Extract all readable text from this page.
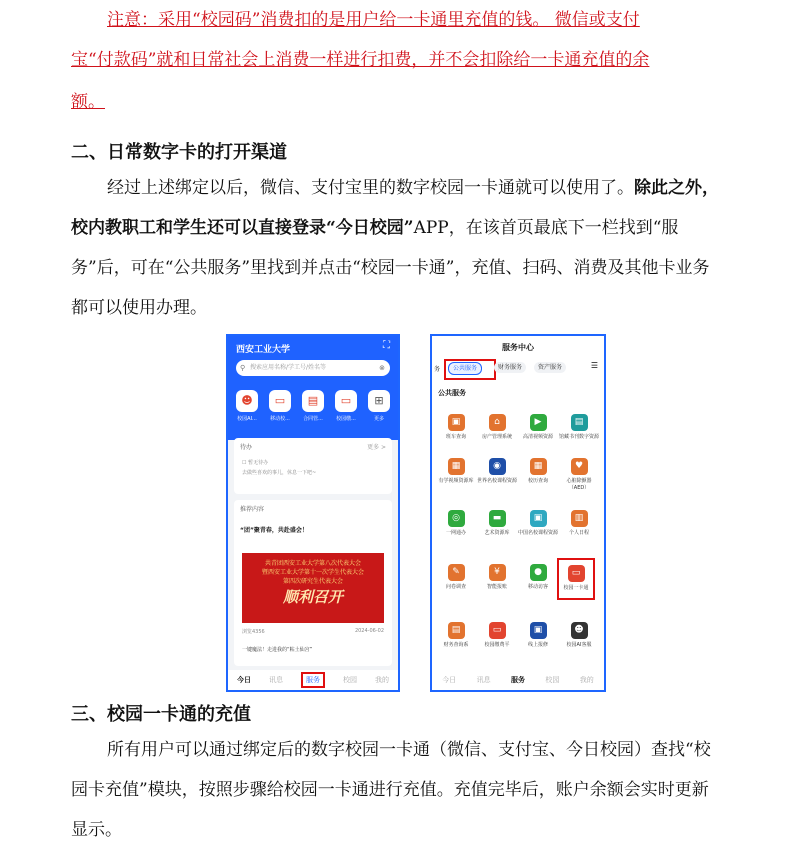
注意：采用“校园码”消费扣的是用户给一卡通里充值的钱。 微信或支付

宝“付款码”就和日常社会上消费一样进行扣费，并不会扣除给一卡通充值的余

额。

二、日常数字卡的打开渠道

经过上述绑定以后，微信、支付宝里的数字校园一卡通就可以使用了。除此之外，校内教职工和学生还可以直接登录“今日校园”APP，在该首页最底下一栏找到“服务”后，可在“公共服务”里找到并点击“校园一卡通”，充值、扫码、消费及其他卡业务都可以使用办理。

西安工业大学	⛶
⚲ 搜索应用名称/学工号/姓名等	⊗
☻
校园AI...
▭
移动校...
▤
合同管...
▭
校园缴...
⊞
更多
待办	更多 >
☐ 暂无待办
去做些喜欢的事儿，休息一下吧~
推荐内容
“团”聚青春，共赴盛会！
共青团西安工业大学第八次代表大会
暨西安工业大学第十一次学生代表大会
第四次研究生代表大会
顺利召开
浏览4356	2024-06-02
一键魔法！走进我的“粘土仙宫”
今日	讯息	服务	校园	我的
服务中心
务	公共服务	财务服务	资产服务	☰
公共服务
▣
班车查询
⌂
房产管理系统
▶
高清视频资源
▤
馆藏书刊数字资源
▦
有学视频资源库
◉
世界名校课程资源
▦
校历查询
♥
心脏除颤器（AED）
◎
一网通办
▬
艺术资源库
▣
中国名校课程资源
▥
个人日程
✎
问卷调查
¥
智能报账
●
移动访客
▭
校园一卡通
▤
财务查询系
▭
校园缴费平
▣
线上报修
☻
校园AI客服
今日	讯息	服务	校园	我的
三、校园一卡通的充值

所有用户可以通过绑定后的数字校园一卡通（微信、支付宝、今日校园）查找“校园卡充值”模块，按照步骤给校园一卡通进行充值。充值完毕后，账户余额会实时更新显示。
